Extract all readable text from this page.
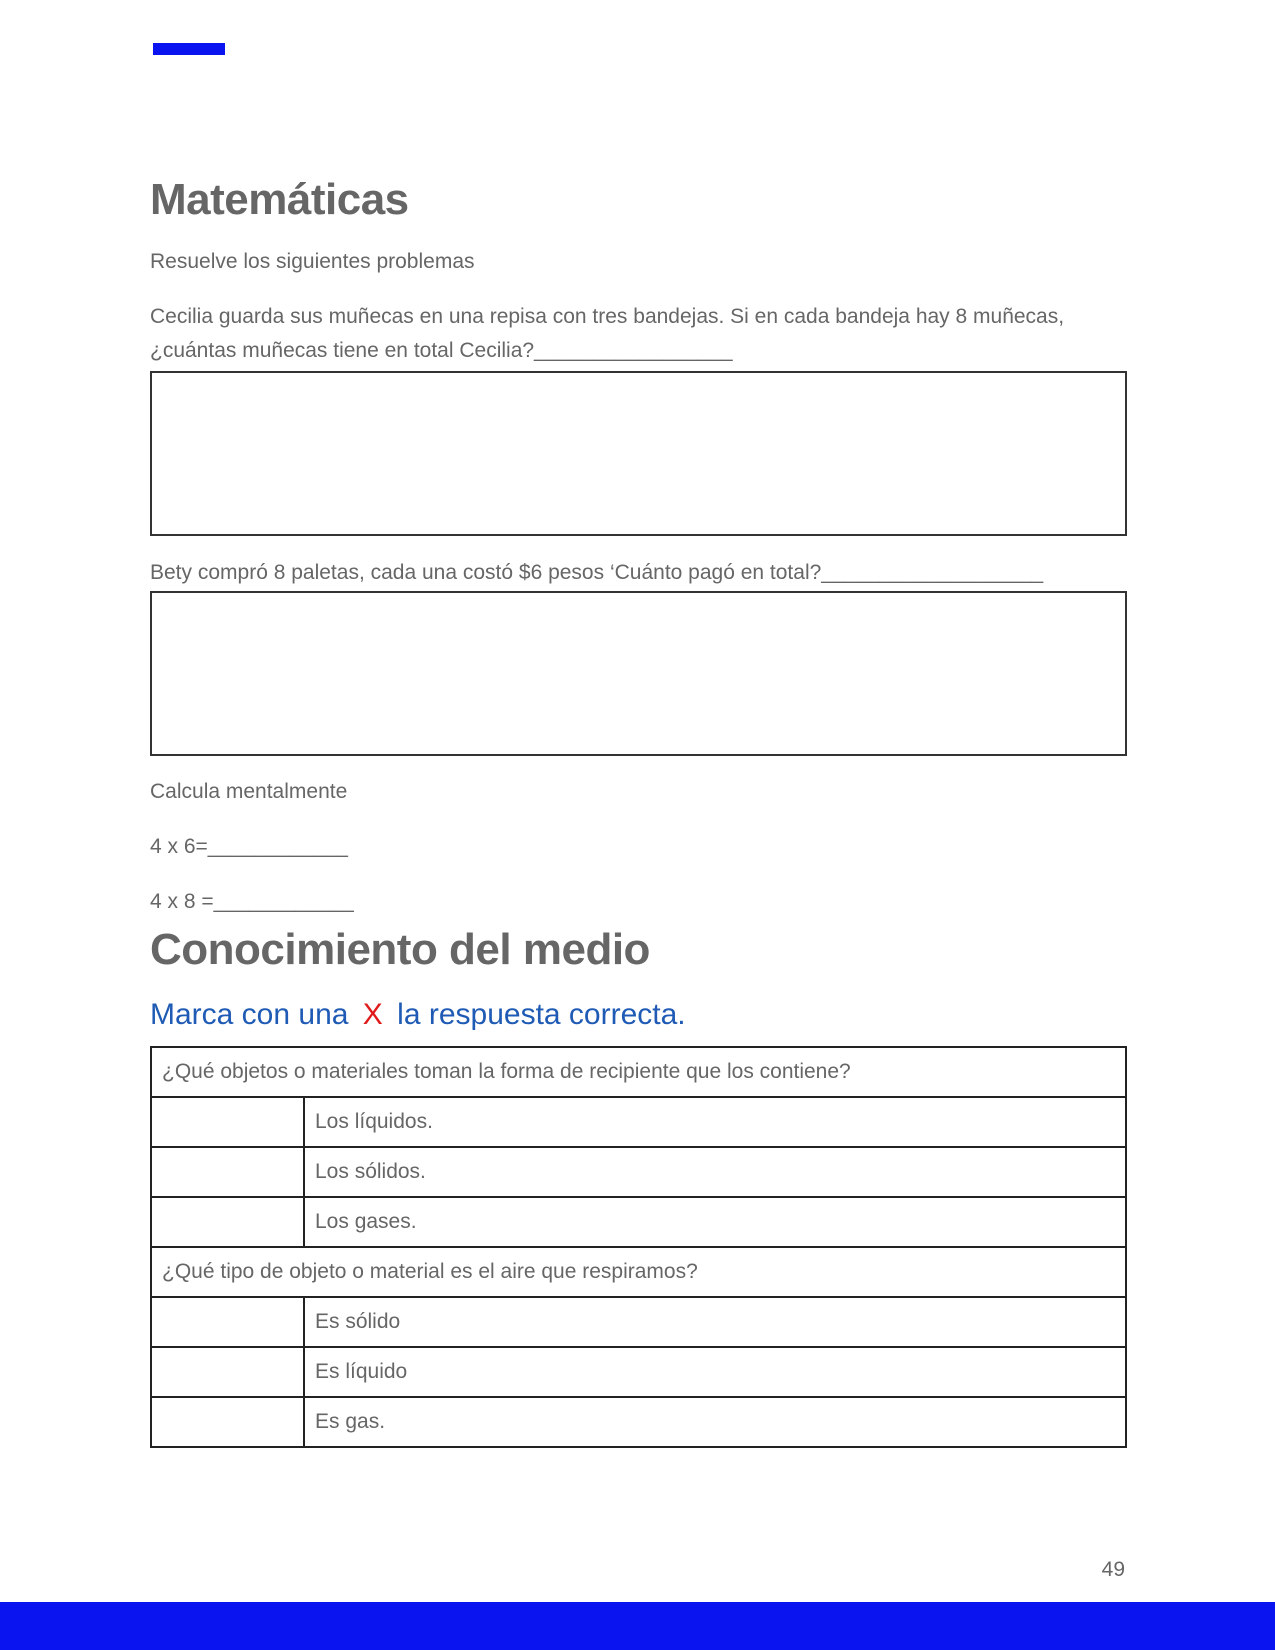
Matemáticas

Resuelve los siguientes problemas

Cecilia guarda sus muñecas en una repisa con tres bandejas. Si en cada bandeja hay 8 muñecas, ¿cuántas muñecas tiene en total Cecilia?_________________

Bety compró 8 paletas, cada una costó $6 pesos ‘Cuánto pagó en total?___________________

Calcula mentalmente

4 x 6=____________

4 x 8 =____________

Conocimiento del medio
Marca con una X la respuesta correcta.
¿Qué objetos o materiales toman la forma de recipiente que los contiene?	
	Los líquidos.
	Los sólidos.
	Los gases.
¿Qué tipo de objeto o material es el aire que respiramos?	
	Es sólido
	Es líquido
	Es gas.
49
